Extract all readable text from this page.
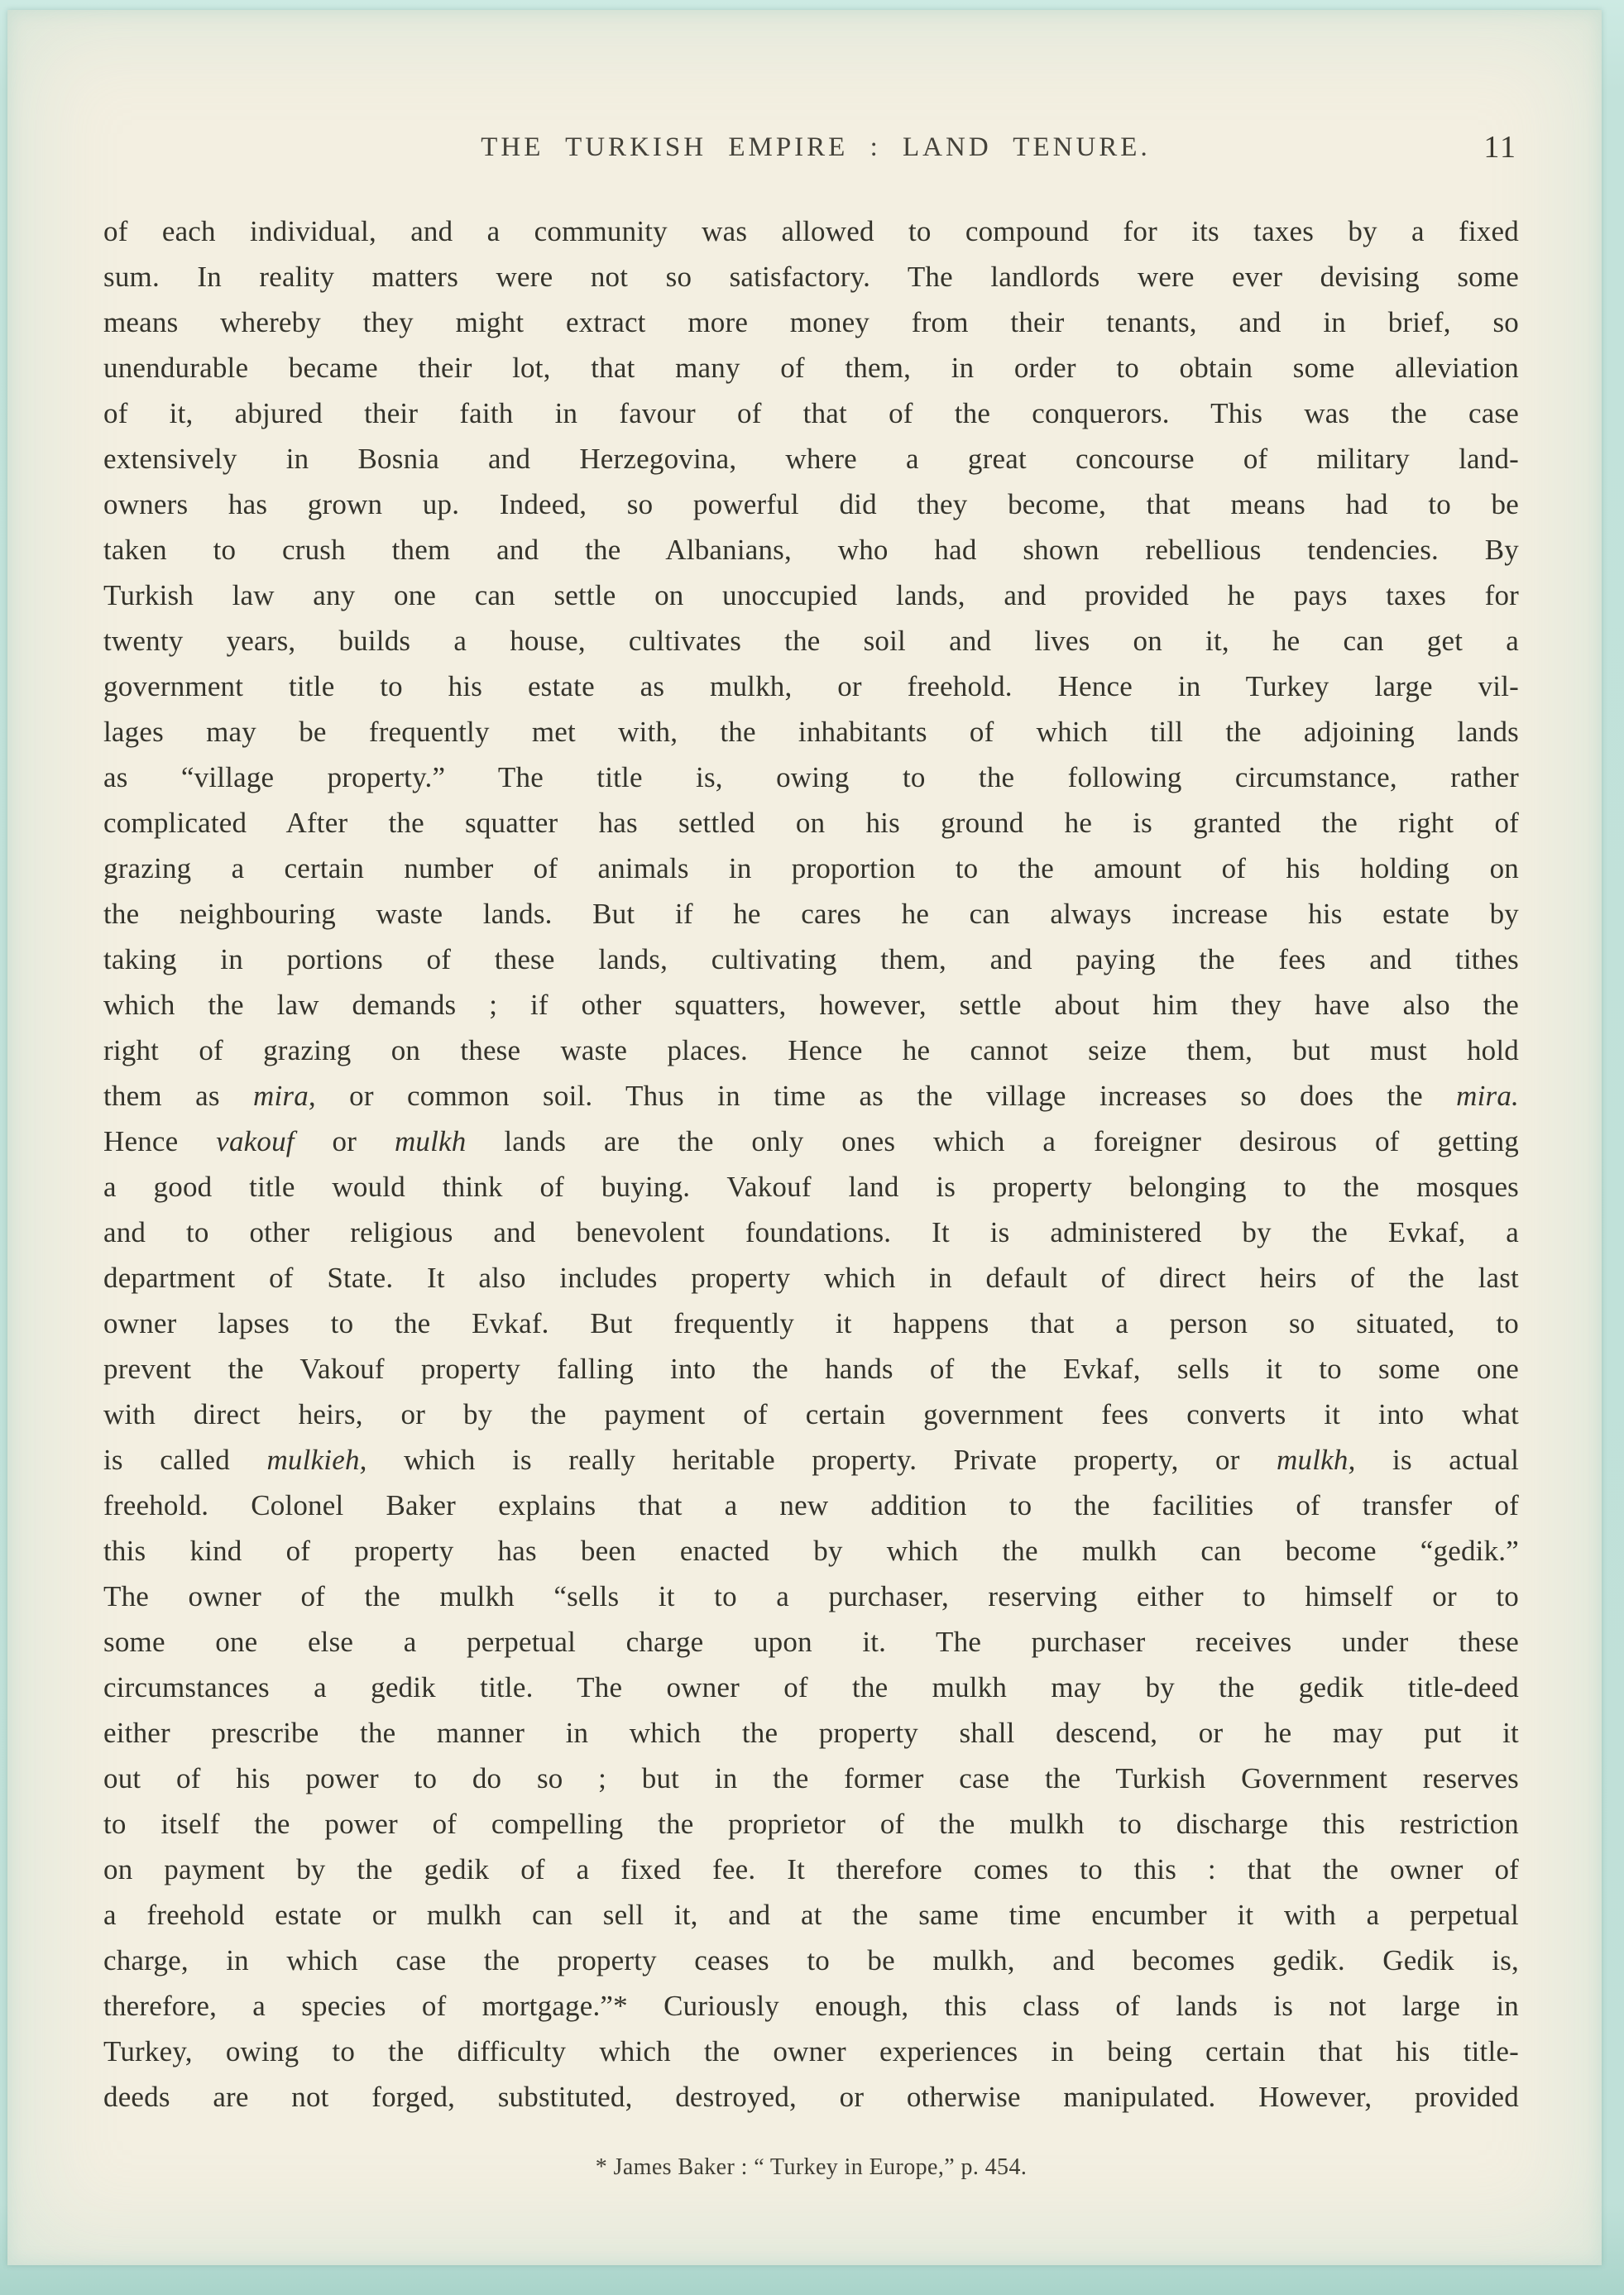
THE TURKISH EMPIRE : LAND TENURE.	11
of each individual, and a community was allowed to compound for its taxes by a fixed
sum. In reality matters were not so satisfactory. The landlords were ever devising some
means whereby they might extract more money from their tenants, and in brief, so
unendurable became their lot, that many of them, in order to obtain some alleviation
of it, abjured their faith in favour of that of the conquerors. This was the case
extensively in Bosnia and Herzegovina, where a great concourse of military land-
owners has grown up. Indeed, so powerful did they become, that means had to be
taken to crush them and the Albanians, who had shown rebellious tendencies. By
Turkish law any one can settle on unoccupied lands, and provided he pays taxes for
twenty years, builds a house, cultivates the soil and lives on it, he can get a
government title to his estate as mulkh, or freehold. Hence in Turkey large vil-
lages may be frequently met with, the inhabitants of which till the adjoining lands
as “village property.” The title is, owing to the following circumstance, rather
complicated After the squatter has settled on his ground he is granted the right of
grazing a certain number of animals in proportion to the amount of his holding on
the neighbouring waste lands. But if he cares he can always increase his estate by
taking in portions of these lands, cultivating them, and paying the fees and tithes
which the law demands ; if other squatters, however, settle about him they have also the
right of grazing on these waste places. Hence he cannot seize them, but must hold
them as mira, or common soil. Thus in time as the village increases so does the mira.
Hence vakouf or mulkh lands are the only ones which a foreigner desirous of getting
a good title would think of buying. Vakouf land is property belonging to the mosques
and to other religious and benevolent foundations. It is administered by the Evkaf, a
department of State. It also includes property which in default of direct heirs of the last
owner lapses to the Evkaf. But frequently it happens that a person so situated, to
prevent the Vakouf property falling into the hands of the Evkaf, sells it to some one
with direct heirs, or by the payment of certain government fees converts it into what
is called mulkieh, which is really heritable property. Private property, or mulkh, is actual
freehold. Colonel Baker explains that a new addition to the facilities of transfer of
this kind of property has been enacted by which the mulkh can become “gedik.”
The owner of the mulkh “sells it to a purchaser, reserving either to himself or to
some one else a perpetual charge upon it. The purchaser receives under these
circumstances a gedik title. The owner of the mulkh may by the gedik title-deed
either prescribe the manner in which the property shall descend, or he may put it
out of his power to do so ; but in the former case the Turkish Government reserves
to itself the power of compelling the proprietor of the mulkh to discharge this restriction
on payment by the gedik of a fixed fee. It therefore comes to this : that the owner of
a freehold estate or mulkh can sell it, and at the same time encumber it with a perpetual
charge, in which case the property ceases to be mulkh, and becomes gedik. Gedik is,
therefore, a species of mortgage.”* Curiously enough, this class of lands is not large in
Turkey, owing to the difficulty which the owner experiences in being certain that his title-
deeds are not forged, substituted, destroyed, or otherwise manipulated. However, provided
* James Baker : “ Turkey in Europe,” p. 454.
